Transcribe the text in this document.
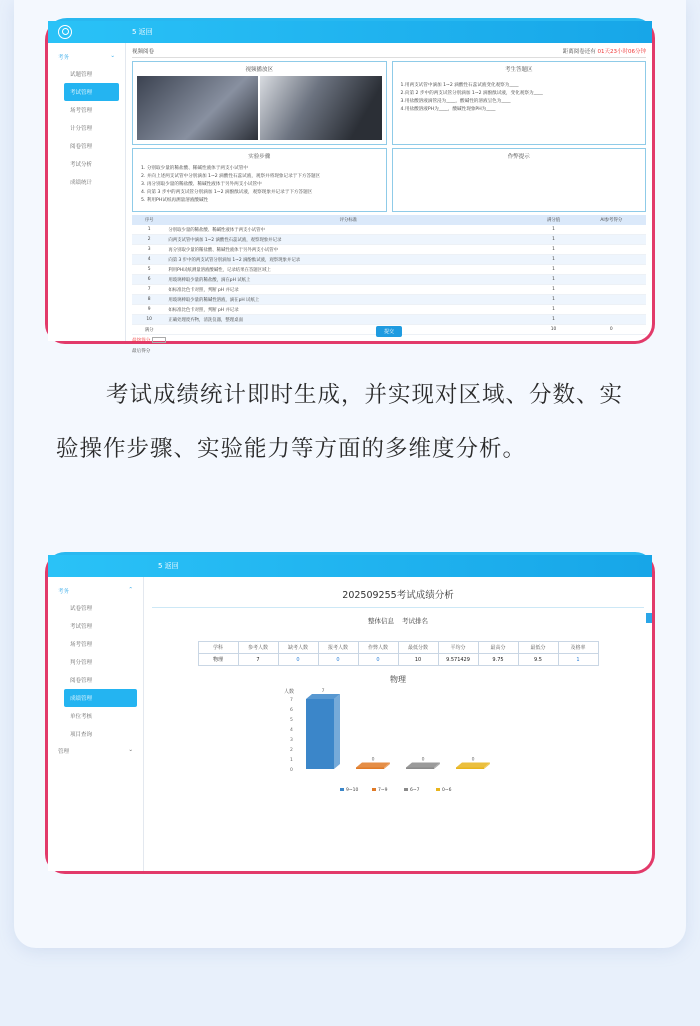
5 返回
考务	⌄
试题管理
考试管理
场考管理
计分管理
阅卷管理
考试分析
成绩统计
视频阅卷	距离阅卷还有 01天23小时06分钟
视频播放区	考生答题区
1.用两支试管中滴加 1~2 滴酸性石蕊试液变化观察为____
2.向第 2 步中的两支试管分别滴加 1~2 滴酚酞试液，变化观察为____
3.用盐酸溶液滴管浸为____，酸碱性的溶液呈色为____
4.用盐酸溶液PH为____，酸碱性现象PH为____
实验步骤
1. 分别取少量的稀盐酸、稀碱性液体于两支小试管中
2. 并向上述两支试管中分别滴加 1~2 滴酸性石蕊试液，观察并将现象记录于下方答题区
3. 再分别取少量的稀盐酸、稀碱性液体于另外两支小试管中
4. 向第 3 步中的两支试管分别滴加 1~2 滴酚酞试液，观察现象并记录于下方答题区
5. 利用PH试纸再测量溶液酸碱性
作弊提示
序号	评分标准	满分值	AI参考得分
1	分别取少量的稀盐酸、稀碱性液体于两支小试管中	1	
2	向两支试管中滴加 1~2 滴酸性石蕊试液，观察现象并记录	1	
3	再分别取少量的稀盐酸、稀碱性液体于另外两支小试管中	1	
4	向第 3 步中的两支试管分别滴加 1~2 滴酚酞试液，观察现象并记录	1	
5	利用PH试纸测量溶液酸碱性，记录结果在答题区域上	1	
6	用玻璃棒取少量的稀盐酸，滴在pH 试纸上	1	
7	如标准比色卡对照，判断 pH 并记录	1	
8	用玻璃棒取少量的稀碱性溶液，滴在pH 试纸上	1	
9	如标准比色卡对照，判断 pH 并记录	1	
10	正确处理废弃物，清洗仪器，整理桌面	1	
满分		10	0
最终得分
最后得分
提交
考试成绩统计即时生成，并实现对区域、分数、实验操作步骤、实验能力等方面的多维度分析。
5 返回
考务	⌃
试卷管理
考试管理
场考管理
判分管理
阅卷管理
成绩管理
单位考核
项目查询
管理	⌄
202509255考试成绩分析
整体信息 考试排名
学科	参考人数	缺考人数	报考人数	作弊人数	最低分数	平均分	最高分	最低分	及格率
物理	7	0	0	0	10	9.571429	9.75	9.5	1
物理
人数
0
1
2
3
4
5
6
7
7
0	0	0
9~10	7~9	6~7	0~6
